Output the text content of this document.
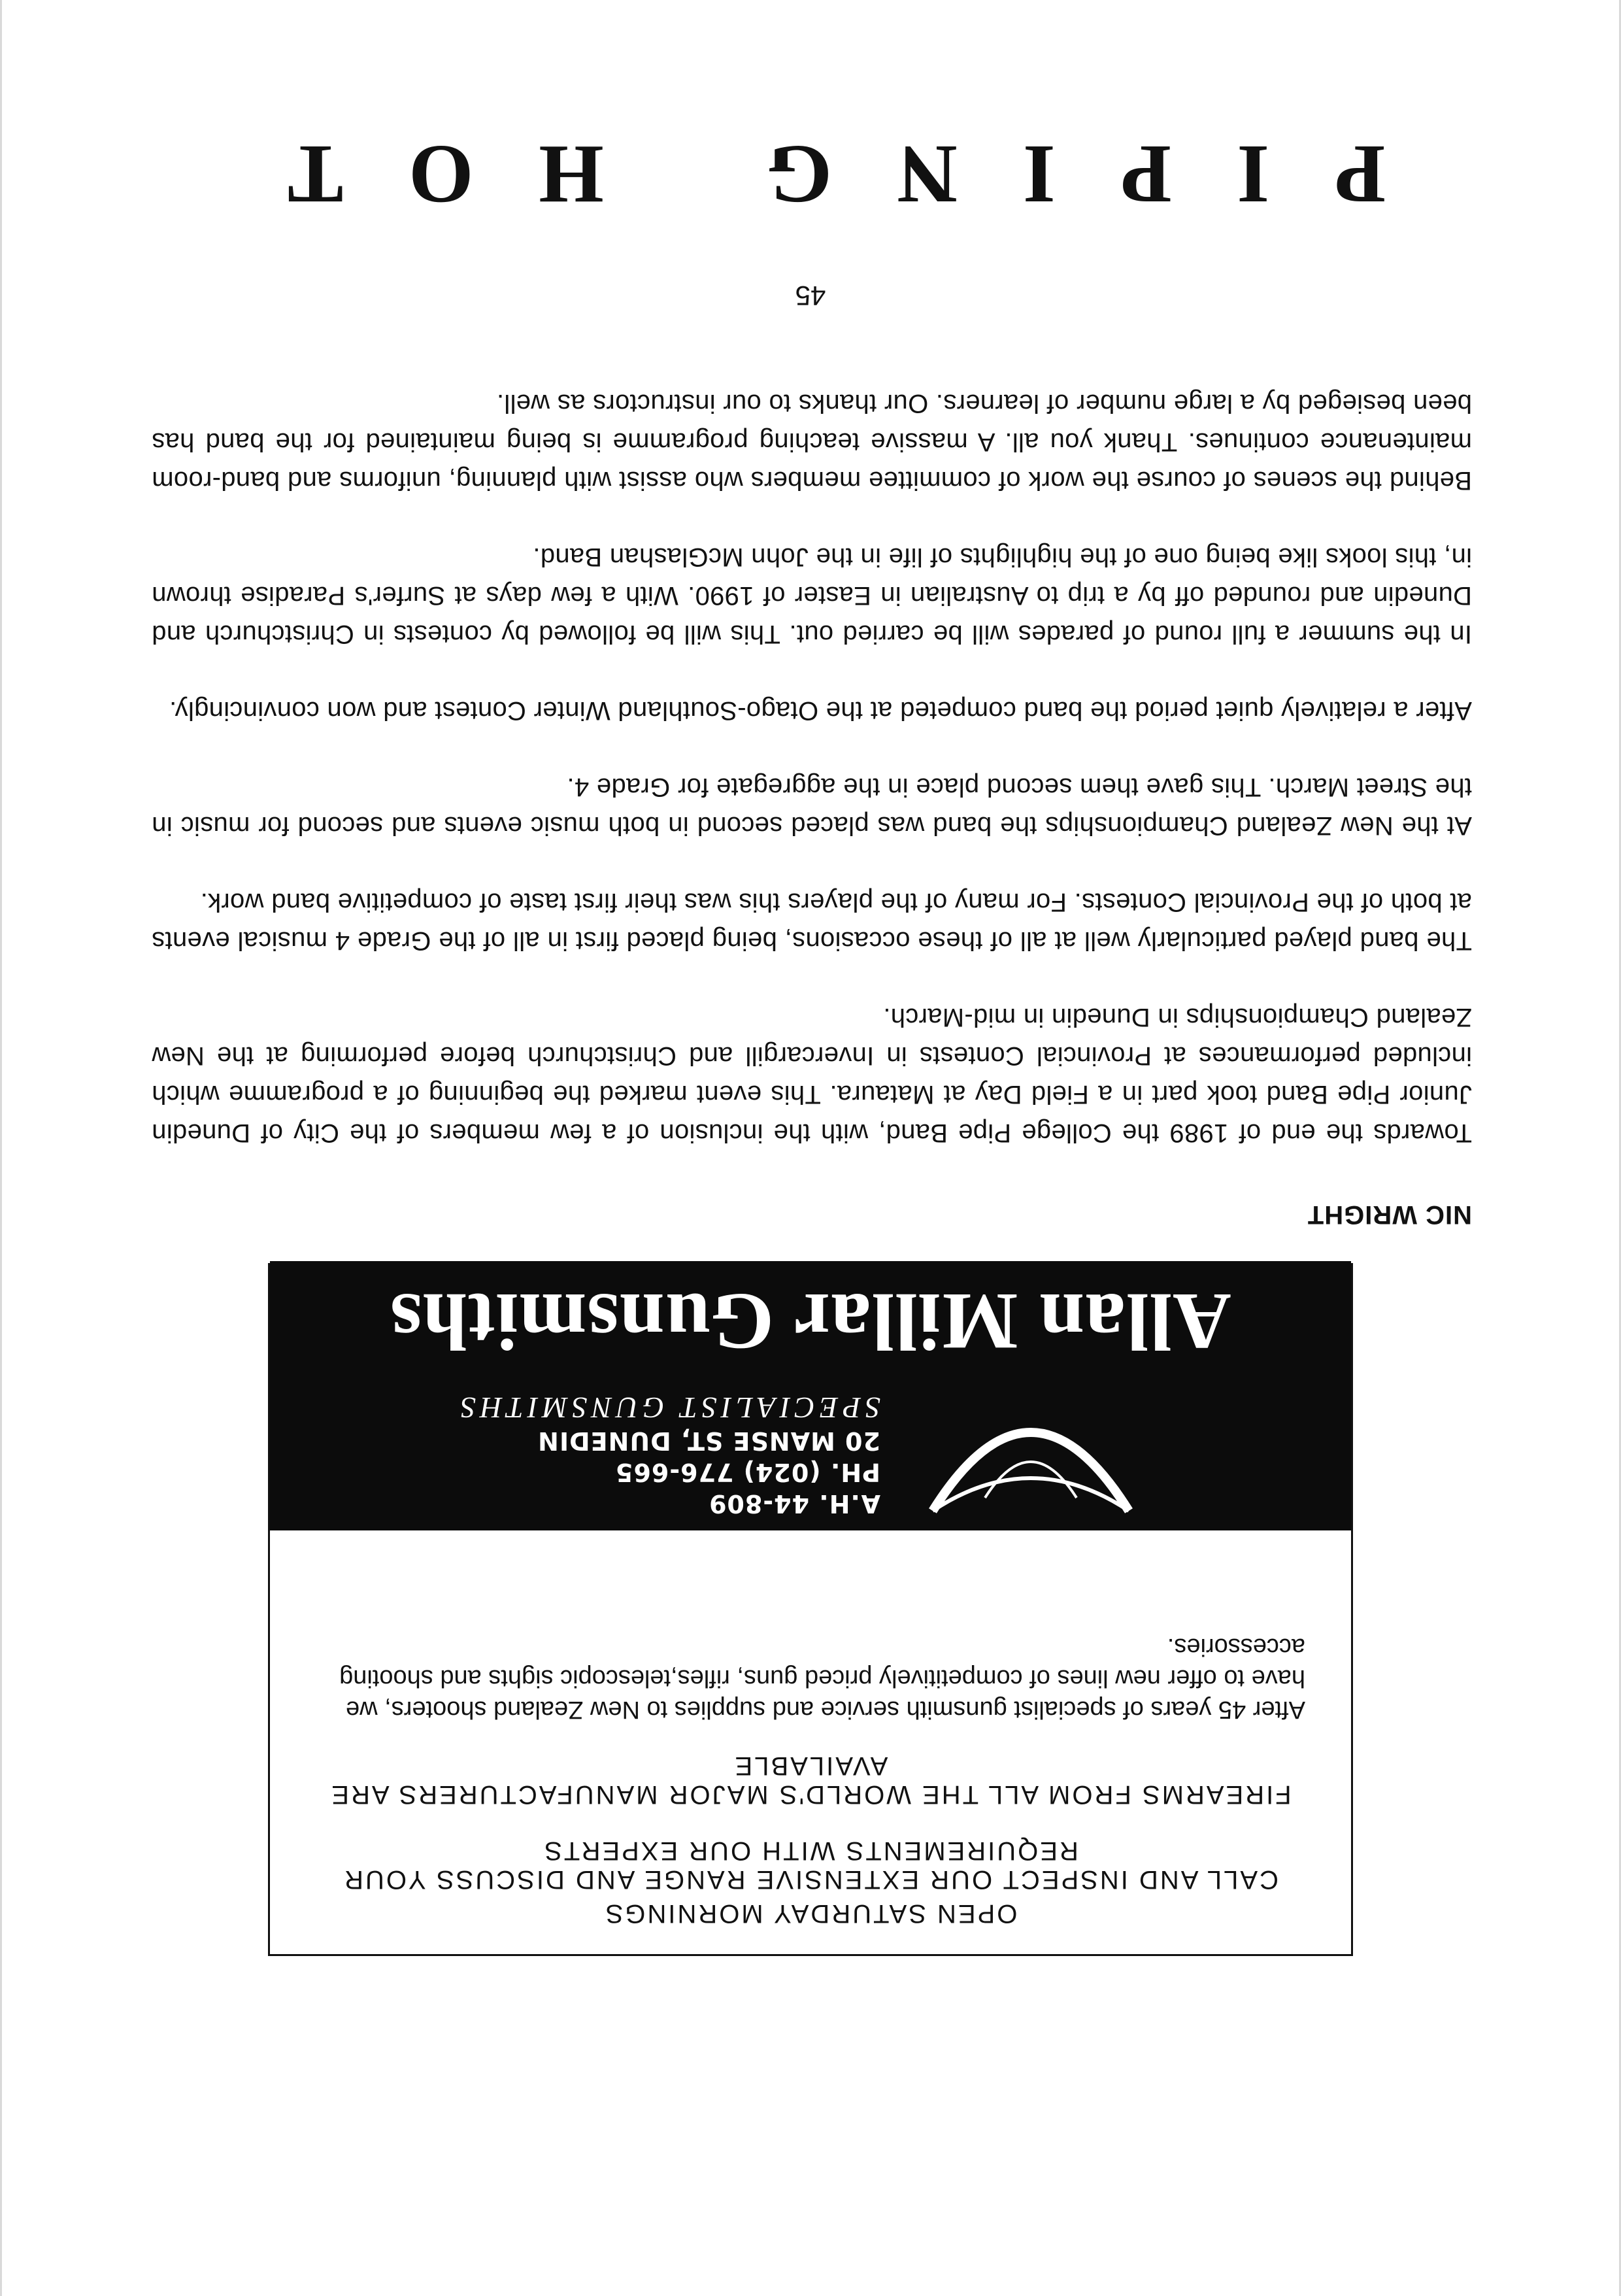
P
I
P
I
N
G
H
O
T

Towards the end of 1989 the College Pipe Band, with the inclusion of a few members of the City of Dunedin Junior Pipe Band took part in a Field Day at Mataura. This event marked the beginning of a programme which included performances at Provincial Contests in Invercargill and Christchurch before performing at the New Zealand Championships in Dunedin in mid-March.

The band played particularly well at all of these occasions, being placed first in all of the Grade 4 musical events at both of the Provincial Contests. For many of the players this was their first taste of competitive band work.

At the New Zealand Championships the band was placed second in both music events and second for music in the Street March. This gave them second place in the aggregate for Grade 4.

After a relatively quiet period the band competed at the Otago-Southland Winter Contest and won convincingly.

In the summer a full round of parades will be carried out. This will be followed by contests in Christchurch and Dunedin and rounded off by a trip to Australian in Easter of 1990. With a few days at Surfer's Paradise thrown in, this looks like being one of the highlights of life in the John McGlashan Band.

Behind the scenes of course the work of committee members who assist with planning, uniforms and band-room maintenance continues. Thank you all. A massive teaching programme is being maintained for the band has been besieged by a large number of learners. Our thanks to our instructors as well.

NIC WRIGHT
OPEN SATURDAY MORNINGS
CALL AND INSPECT OUR EXTENSIVE RANGE AND DISCUSS YOUR REQUIREMENTS WITH OUR EXPERTS
FIREARMS FROM ALL THE WORLD'S MAJOR MANUFACTURERS ARE AVAILABLE
After 45 years of specialist gunsmith service and supplies to New Zealand shooters, we have to offer new lines of competitively priced guns, rifles,telescopic sights and shooting accessories.
A.H. 44-809
PH. (024) 776-665
20 MANSE ST, DUNEDIN
SPECIALIST GUNSMITHS
Allan Millar Gunsmiths
45
